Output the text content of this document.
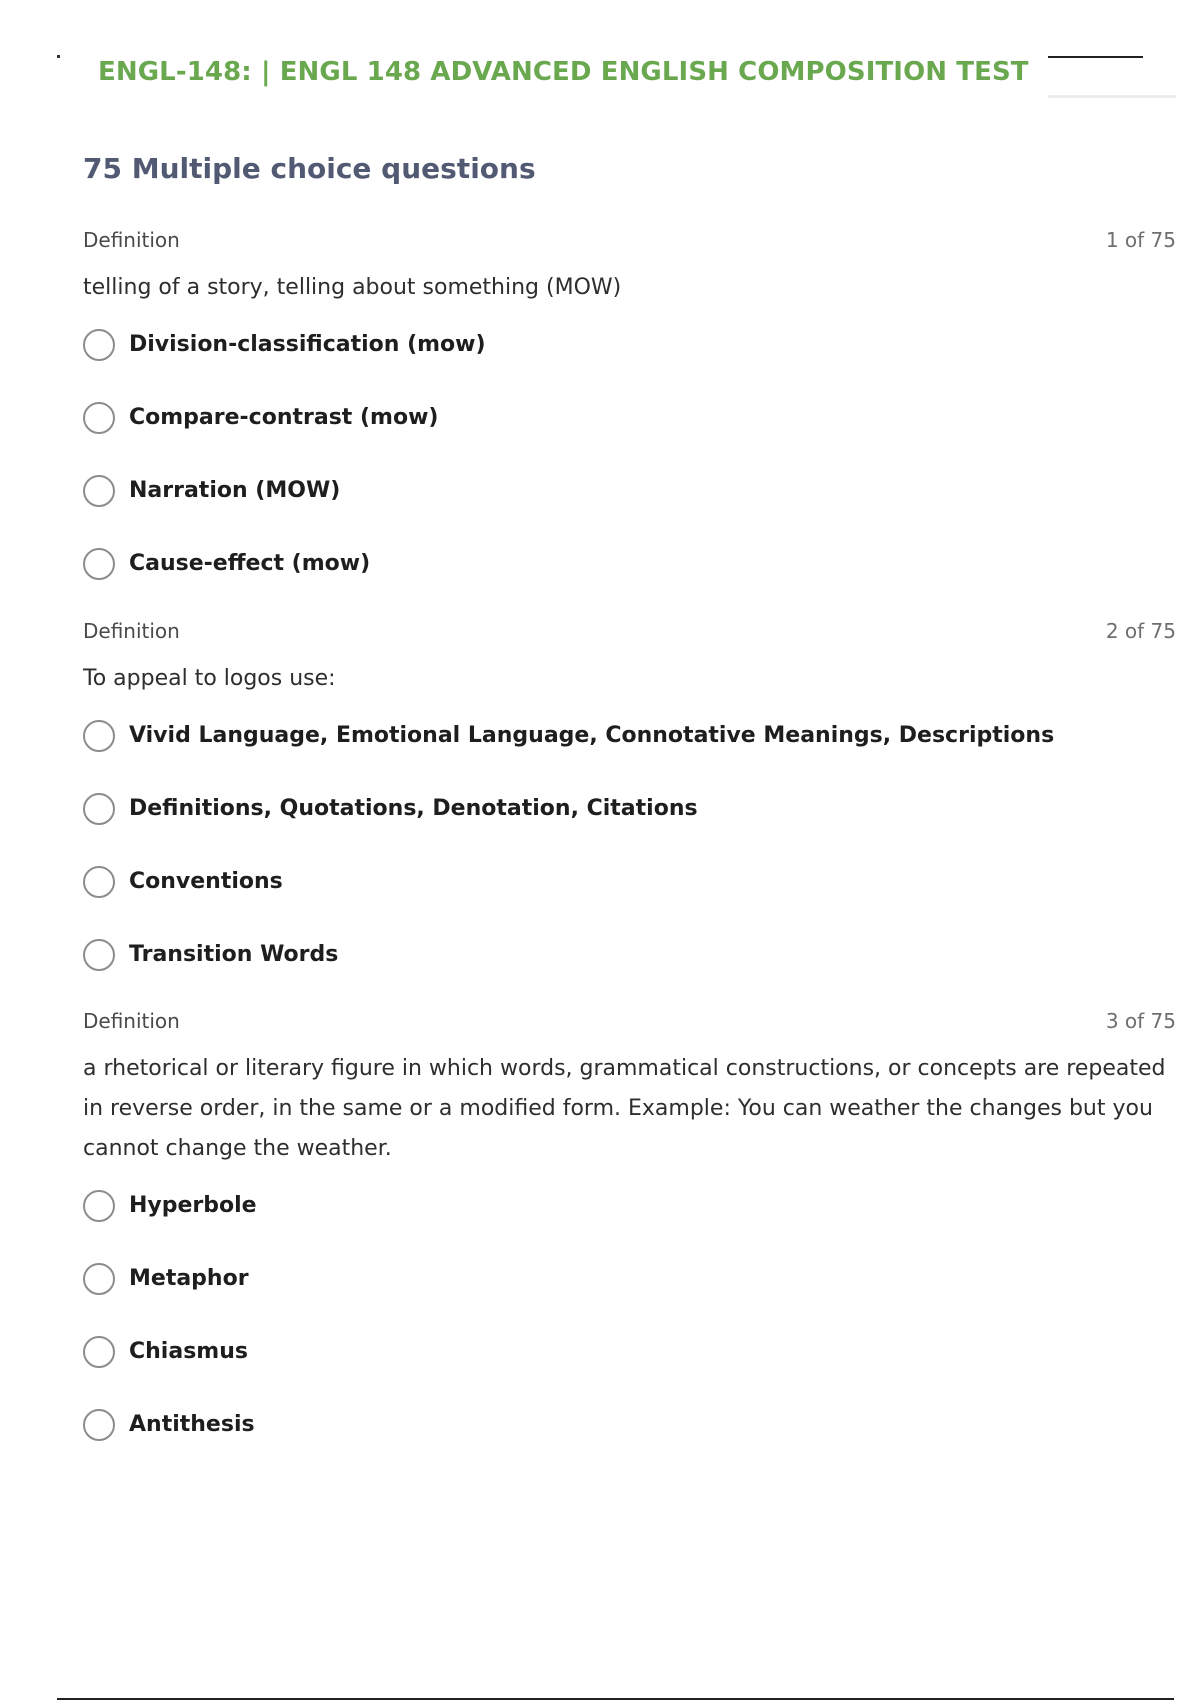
ENGL-148: | ENGL 148 ADVANCED ENGLISH COMPOSITION TEST
75 Multiple choice questions
Definition	1 of 75
telling of a story, telling about something (MOW)
Division-classification (mow)
Compare-contrast (mow)
Narration (MOW)
Cause-effect (mow)
Definition	2 of 75
To appeal to logos use:
Vivid Language, Emotional Language, Connotative Meanings, Descriptions
Definitions, Quotations, Denotation, Citations
Conventions
Transition Words
Definition	3 of 75
a rhetorical or literary figure in which words, grammatical constructions, or concepts are repeated in reverse order, in the same or a modified form. Example: You can weather the changes but you cannot change the weather.
Hyperbole
Metaphor
Chiasmus
Antithesis
